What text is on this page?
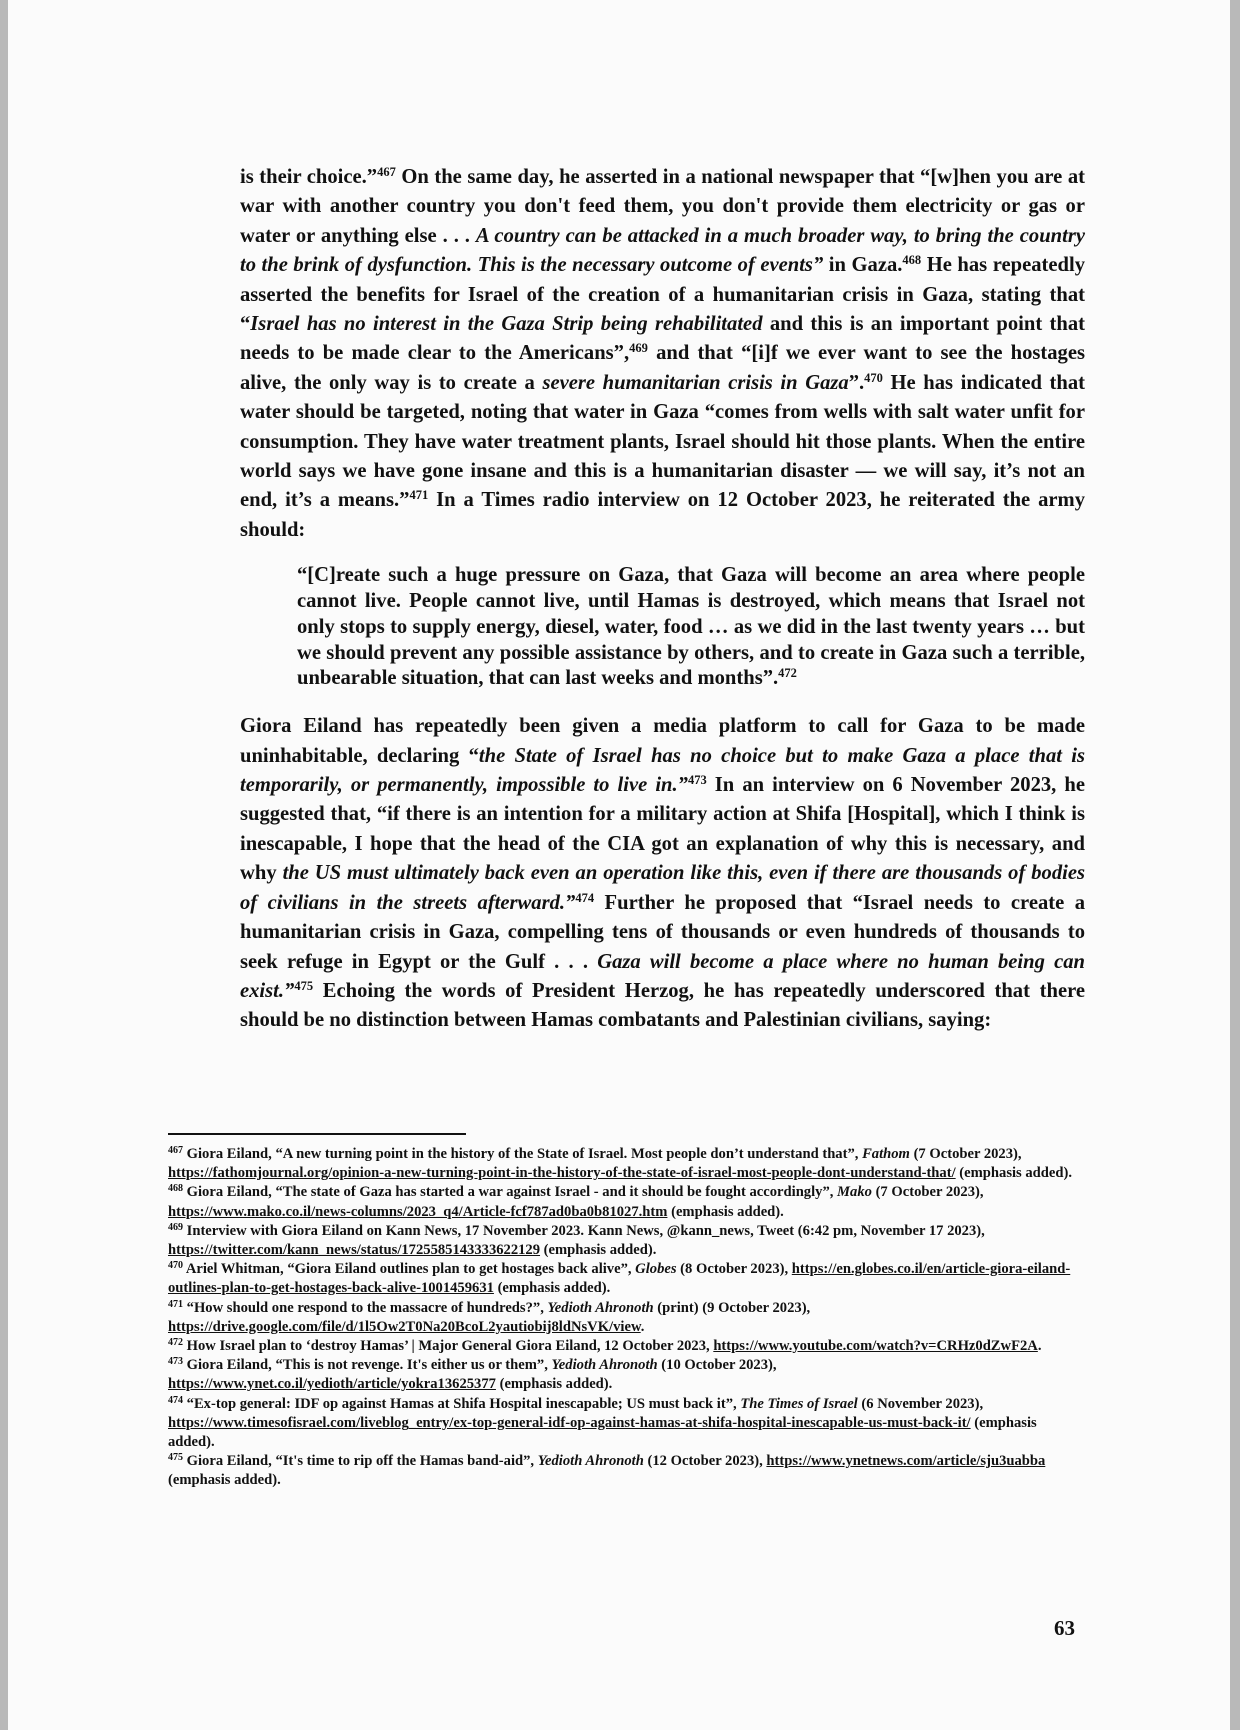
is their choice.”$^{467}$ On the same day, he asserted in a national newspaper that “[w]hen you are at war with another country you don't feed them, you don't provide them electricity or gas or water or anything else . . . A country can be attacked in a much broader way, to bring the country to the brink of dysfunction. This is the necessary outcome of events” in Gaza.$^{468}$ He has repeatedly asserted the benefits for Israel of the creation of a humanitarian crisis in Gaza, stating that “Israel has no interest in the Gaza Strip being rehabilitated and this is an important point that needs to be made clear to the Americans”,$^{469}$ and that “[i]f we ever want to see the hostages alive, the only way is to create a severe humanitarian crisis in Gaza”.$^{470}$ He has indicated that water should be targeted, noting that water in Gaza “comes from wells with salt water unfit for consumption. They have water treatment plants, Israel should hit those plants. When the entire world says we have gone insane and this is a humanitarian disaster — we will say, it’s not an end, it’s a means.”$^{471}$ In a Times radio interview on 12 October 2023, he reiterated the army should:

“[C]reate such a huge pressure on Gaza, that Gaza will become an area where people cannot live. People cannot live, until Hamas is destroyed, which means that Israel not only stops to supply energy, diesel, water, food … as we did in the last twenty years … but we should prevent any possible assistance by others, and to create in Gaza such a terrible, unbearable situation, that can last weeks and months”.$^{472}$

Giora Eiland has repeatedly been given a media platform to call for Gaza to be made uninhabitable, declaring “the State of Israel has no choice but to make Gaza a place that is temporarily, or permanently, impossible to live in.”$^{473}$ In an interview on 6 November 2023, he suggested that, “if there is an intention for a military action at Shifa [Hospital], which I think is inescapable, I hope that the head of the CIA got an explanation of why this is necessary, and why the US must ultimately back even an operation like this, even if there are thousands of bodies of civilians in the streets afterward.”$^{474}$ Further he proposed that “Israel needs to create a humanitarian crisis in Gaza, compelling tens of thousands or even hundreds of thousands to seek refuge in Egypt or the Gulf . . . Gaza will become a place where no human being can exist.”$^{475}$ Echoing the words of President Herzog, he has repeatedly underscored that there should be no distinction between Hamas combatants and Palestinian civilians, saying:

$^{467}$ Giora Eiland, “A new turning point in the history of the State of Israel. Most people don’t understand that”, Fathom (7 October 2023), https://fathomjournal.org/opinion-a-new-turning-point-in-the-history-of-the-state-of-israel-most-people-dont-understand-that/ (emphasis added).

$^{468}$ Giora Eiland, “The state of Gaza has started a war against Israel - and it should be fought accordingly”, Mako (7 October 2023), https://www.mako.co.il/news-columns/2023_q4/Article-fcf787ad0ba0b81027.htm (emphasis added).

$^{469}$ Interview with Giora Eiland on Kann News, 17 November 2023. Kann News, @kann_news, Tweet (6:42 pm, November 17 2023), https://twitter.com/kann_news/status/1725585143333622129 (emphasis added).

$^{470}$ Ariel Whitman, “Giora Eiland outlines plan to get hostages back alive”, Globes (8 October 2023), https://en.globes.co.il/en/article-giora-eiland-outlines-plan-to-get-hostages-back-alive-1001459631 (emphasis added).

$^{471}$ “How should one respond to the massacre of hundreds?”, Yedioth Ahronoth (print) (9 October 2023), https://drive.google.com/file/d/1l5Ow2T0Na20BcoL2yautiobij8ldNsVK/view.

$^{472}$ How Israel plan to ‘destroy Hamas’ | Major General Giora Eiland, 12 October 2023, https://www.youtube.com/watch?v=CRHz0dZwF2A.

$^{473}$ Giora Eiland, “This is not revenge. It's either us or them”, Yedioth Ahronoth (10 October 2023), https://www.ynet.co.il/yedioth/article/yokra13625377 (emphasis added).

$^{474}$ “Ex-top general: IDF op against Hamas at Shifa Hospital inescapable; US must back it”, The Times of Israel (6 November 2023), https://www.timesofisrael.com/liveblog_entry/ex-top-general-idf-op-against-hamas-at-shifa-hospital-inescapable-us-must-back-it/ (emphasis added).

$^{475}$ Giora Eiland, “It's time to rip off the Hamas band-aid”, Yedioth Ahronoth (12 October 2023), https://www.ynetnews.com/article/sju3uabba (emphasis added).

63
